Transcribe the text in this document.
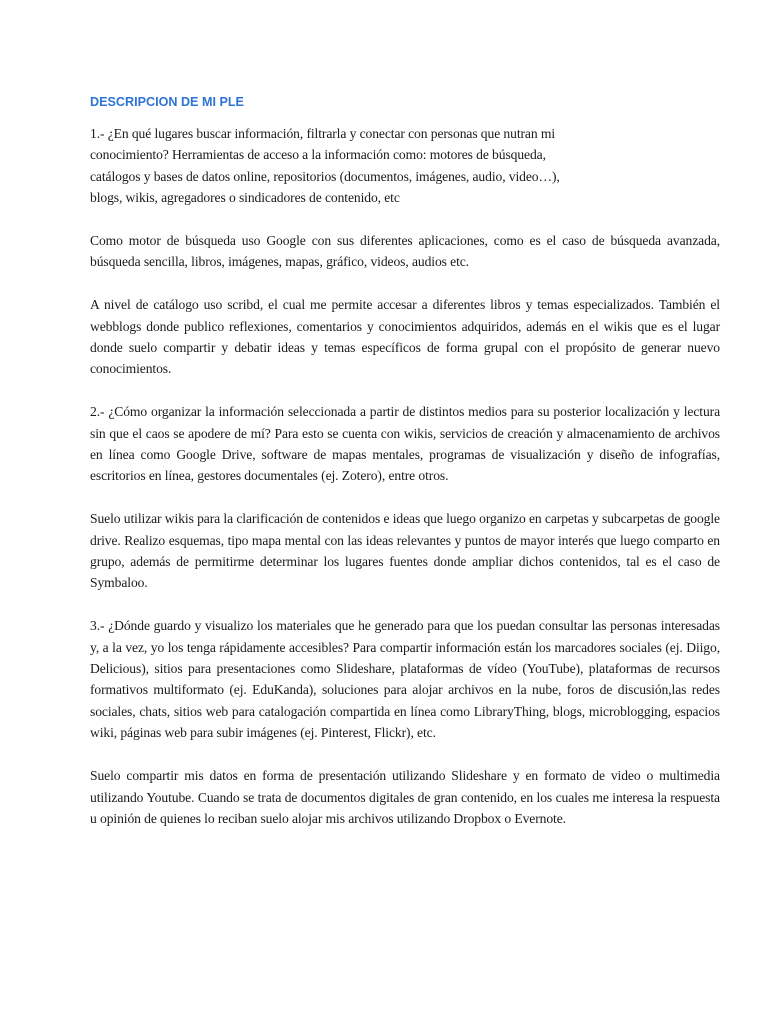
DESCRIPCION DE MI PLE
1.- ¿En qué lugares buscar información, filtrarla y conectar con personas que nutran mi
conocimiento? Herramientas de acceso a la información como: motores de búsqueda,
catálogos y bases de datos online, repositorios (documentos, imágenes, audio, video…),
blogs, wikis, agregadores o sindicadores de contenido, etc

Como motor de búsqueda uso Google con sus diferentes aplicaciones, como es el caso de búsqueda avanzada, búsqueda sencilla, libros, imágenes, mapas, gráfico, videos, audios etc.

A nivel de catálogo uso scribd, el cual me permite accesar a diferentes libros y temas especializados. También el webblogs donde publico reflexiones, comentarios y conocimientos adquiridos, además en el wikis que es el lugar donde suelo compartir y debatir ideas y temas específicos de forma grupal con el propósito de generar nuevo conocimientos.

2.- ¿Cómo organizar la información seleccionada a partir de distintos medios para su posterior localización y lectura sin que el caos se apodere de mí? Para esto se cuenta con wikis, servicios de creación y almacenamiento de archivos en línea como Google Drive, software de mapas mentales, programas de visualización y diseño de infografías, escritorios en línea, gestores documentales (ej. Zotero), entre otros.

Suelo utilizar wikis para la clarificación de contenidos e ideas que luego organizo en carpetas y subcarpetas de google drive. Realizo esquemas, tipo mapa mental con las ideas relevantes y puntos de mayor interés que luego comparto en grupo, además de permitirme determinar los lugares fuentes donde ampliar dichos contenidos, tal es el caso de Symbaloo.

3.- ¿Dónde guardo y visualizo los materiales que he generado para que los puedan consultar las personas interesadas y, a la vez, yo los tenga rápidamente accesibles? Para compartir información están los marcadores sociales (ej. Diigo, Delicious), sitios para presentaciones como Slideshare, plataformas de vídeo (YouTube), plataformas de recursos formativos multiformato (ej. EduKanda), soluciones para alojar archivos en la nube, foros de discusión,las redes sociales, chats, sitios web para catalogación compartida en línea como LibraryThing, blogs, microblogging, espacios wiki, páginas web para subir imágenes (ej. Pinterest, Flickr), etc.

Suelo compartir mis datos en forma de presentación utilizando Slideshare y en formato de video o multimedia utilizando Youtube. Cuando se trata de documentos digitales de gran contenido, en los cuales me interesa la respuesta u opinión de quienes lo reciban suelo alojar mis archivos utilizando Dropbox o Evernote.
